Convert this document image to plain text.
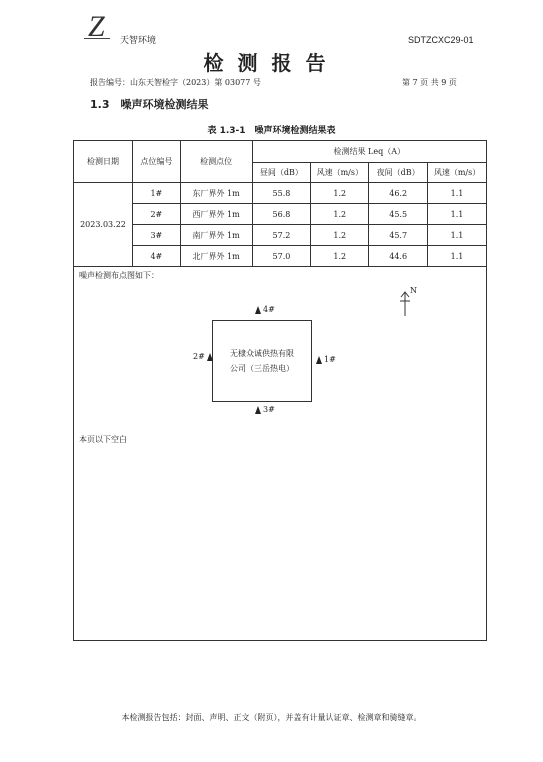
Z 天智环境	SDTZCXC29-01
检测报告
报告编号：山东天智检字（2023）第 03077 号	第 7 页 共 9 页
1.3　噪声环境检测结果
表 1.3-1　噪声环境检测结果表
检测日期	点位编号	检测点位	检测结果 Leq（A）			
			昼间（dB）	风速（m/s）	夜间（dB）	风速（m/s）
2023.03.22	1#	东厂界外 1m	55.8	1.2	46.2	1.1
	2#	西厂界外 1m	56.8	1.2	45.5	1.1
	3#	南厂界外 1m	57.2	1.2	45.7	1.1
	4#	北厂界外 1m	57.0	1.2	44.6	1.1
噪声检测布点图如下：
N
无棣众诚供热有限
公司（三岳热电）
4#
2#	1#
3#
本页以下空白
本检测报告包括：封面、声明、正文（附页），并盖有计量认证章、检测章和骑缝章。
